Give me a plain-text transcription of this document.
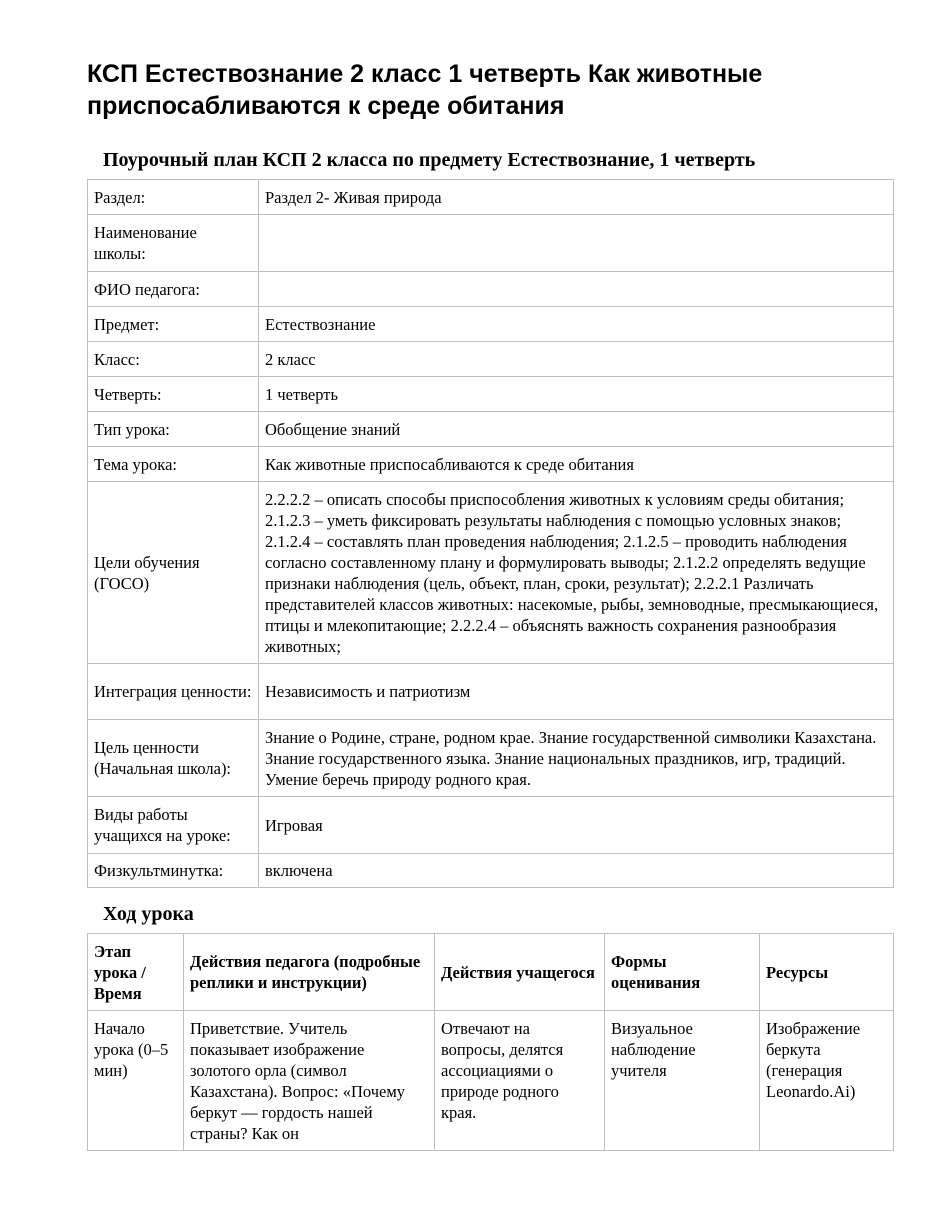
КСП Естествознание 2 класс 1 четверть Как животные приспосабливаются к среде обитания
Поурочный план КСП 2 класса по предмету Естествознание, 1 четверть
Раздел:	Раздел 2- Живая природа
Наименование школы:	
ФИО педагога:	
Предмет:	Естествознание
Класс:	2 класс
Четверть:	1 четверть
Тип урока:	Обобщение знаний
Тема урока:	Как животные приспосабливаются к среде обитания
Цели обучения (ГОСО)	2.2.2.2 – описать способы приспособления животных к условиям среды обитания; 2.1.2.3 – уметь фиксировать результаты наблюдения с помощью условных знаков; 2.1.2.4 – составлять план проведения наблюдения; 2.1.2.5 – проводить наблюдения согласно составленному плану и формулировать выводы; 2.1.2.2 определять ведущие признаки наблюдения (цель, объект, план, сроки, результат); 2.2.2.1 Различать представителей классов животных: насекомые, рыбы, земноводные, пресмыкающиеся, птицы и млекопитающие; 2.2.2.4 – объяснять важность сохранения разнообразия животных;
Интеграция ценности:	Независимость и патриотизм
Цель ценности (Начальная школа):	Знание о Родине, стране, родном крае. Знание государственной символики Казахстана. Знание государственного языка. Знание национальных праздников, игр, традиций. Умение беречь природу родного края.
Виды работы учащихся на уроке:	Игровая
Физкультминутка:	включена
Ход урока
Этап урока / Время	Действия педагога (подробные реплики и инструкции)	Действия учащегося	Формы оценивания	Ресурсы
Начало урока (0–5 мин)	Приветствие. Учитель показывает изображение золотого орла (символ Казахстана). Вопрос: «Почему беркут — гордость нашей страны? Как он	Отвечают на вопросы, делятся ассоциациями о природе родного края.	Визуальное наблюдение учителя	Изображение беркута (генерация Leonardo.Ai)
